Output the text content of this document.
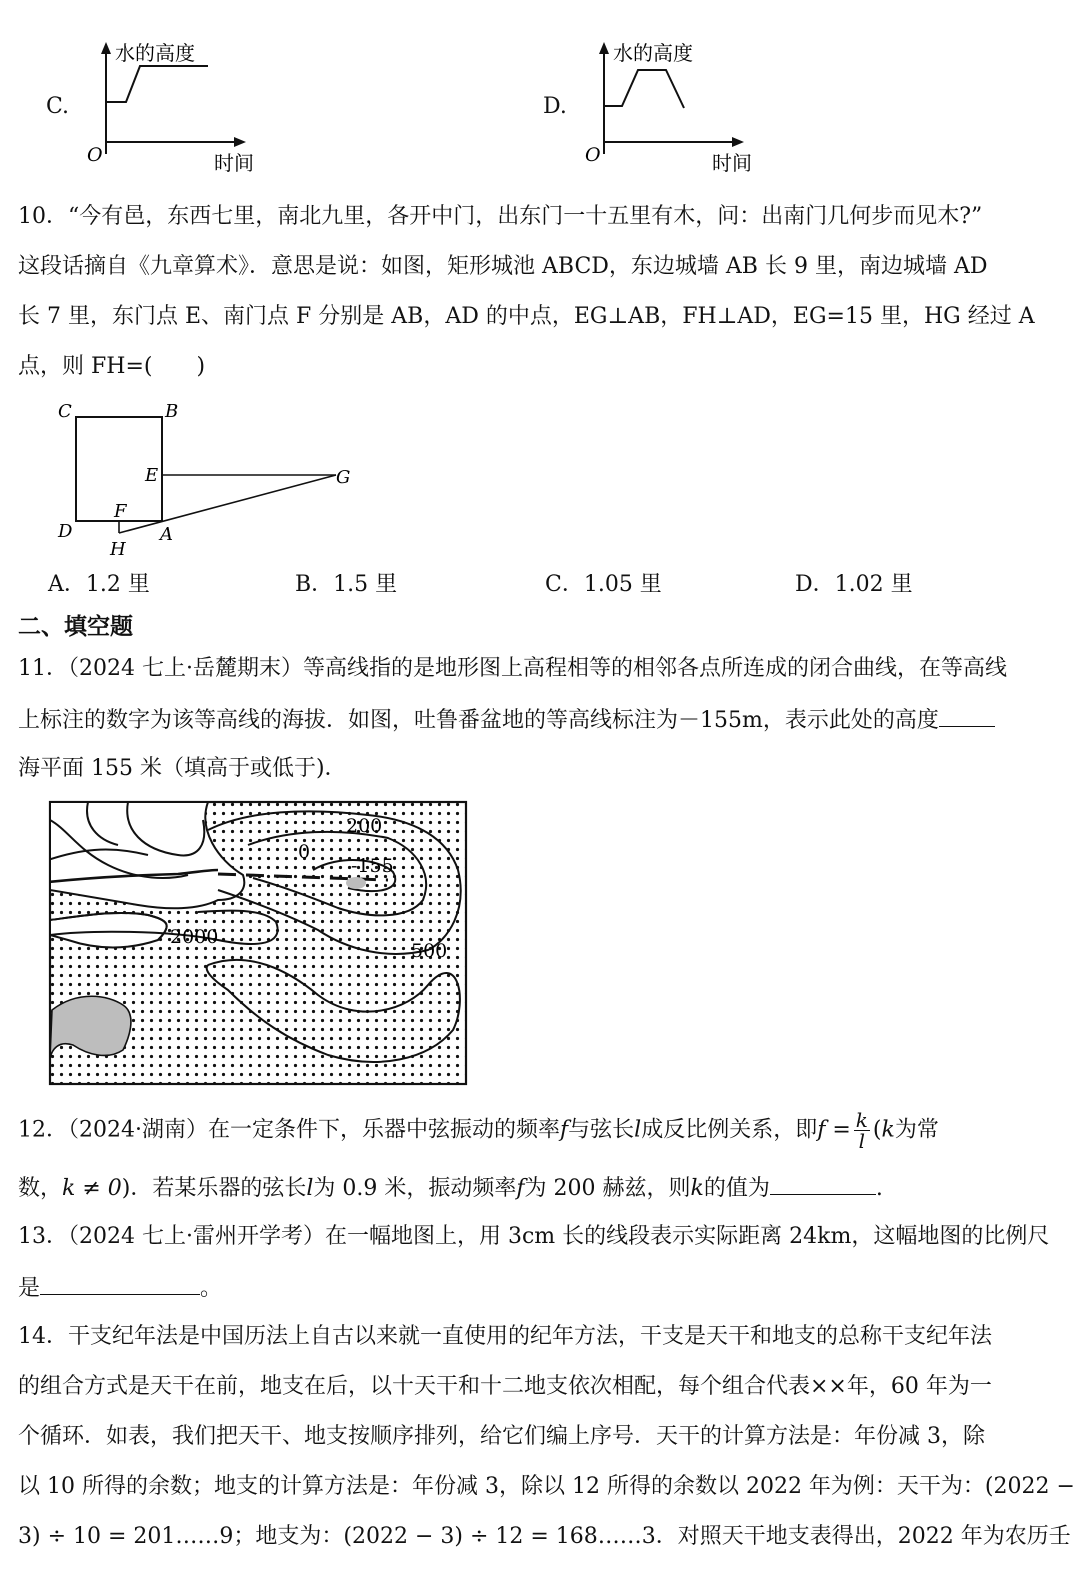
C.
水的高度
时间
O
D.
水的高度
时间
O
10．“今有邑，东西七里，南北九里，各开中门，出东门一十五里有木，问：出南门几何步而见木?”
这段话摘自《九章算术》．意思是说：如图，矩形城池 ABCD，东边城墙 AB 长 9 里，南边城墙 AD
长 7 里，东门点 E、南门点 F 分别是 AB，AD 的中点，EG⊥AB，FH⊥AD，EG=15 里，HG 经过 A
点，则 FH=(　　)
C	B
E	G
D
F
A
H
A．1.2 里	B．1.5 里	C．1.05 里	D．1.02 里
二、填空题
11．（2024 七上·岳麓期末）等高线指的是地形图上高程相等的相邻各点所连成的闭合曲线，在等高线
上标注的数字为该等高线的海拔．如图，吐鲁番盆地的等高线标注为－155m，表示此处的高度
海平面 155 米（填高于或低于)．
200
0
-155
2000
500
12．（2024·湖南）在一定条件下，乐器中弦振动的频率f与弦长l成反比例关系，即$f = \frac{k}{l} (k$为常
数，k ≠ 0)．若某乐器的弦长l为 0.9 米，振动频率f为 200 赫兹，则k的值为	.
13．（2024 七上·雷州开学考）在一幅地图上，用 3cm 长的线段表示实际距离 24km，这幅地图的比例尺
是	。
14．干支纪年法是中国历法上自古以来就一直使用的纪年方法，干支是天干和地支的总称干支纪年法
的组合方式是天干在前，地支在后，以十天干和十二地支依次相配，每个组合代表××年，60 年为一
个循环．如表，我们把天干、地支按顺序排列，给它们编上序号．天干的计算方法是：年份减 3，除
以 10 所得的余数；地支的计算方法是：年份减 3，除以 12 所得的余数以 2022 年为例：天干为：(2022 −
3) ÷ 10 = 201……9；地支为：(2022 − 3) ÷ 12 = 168……3．对照天干地支表得出，2022 年为农历壬
